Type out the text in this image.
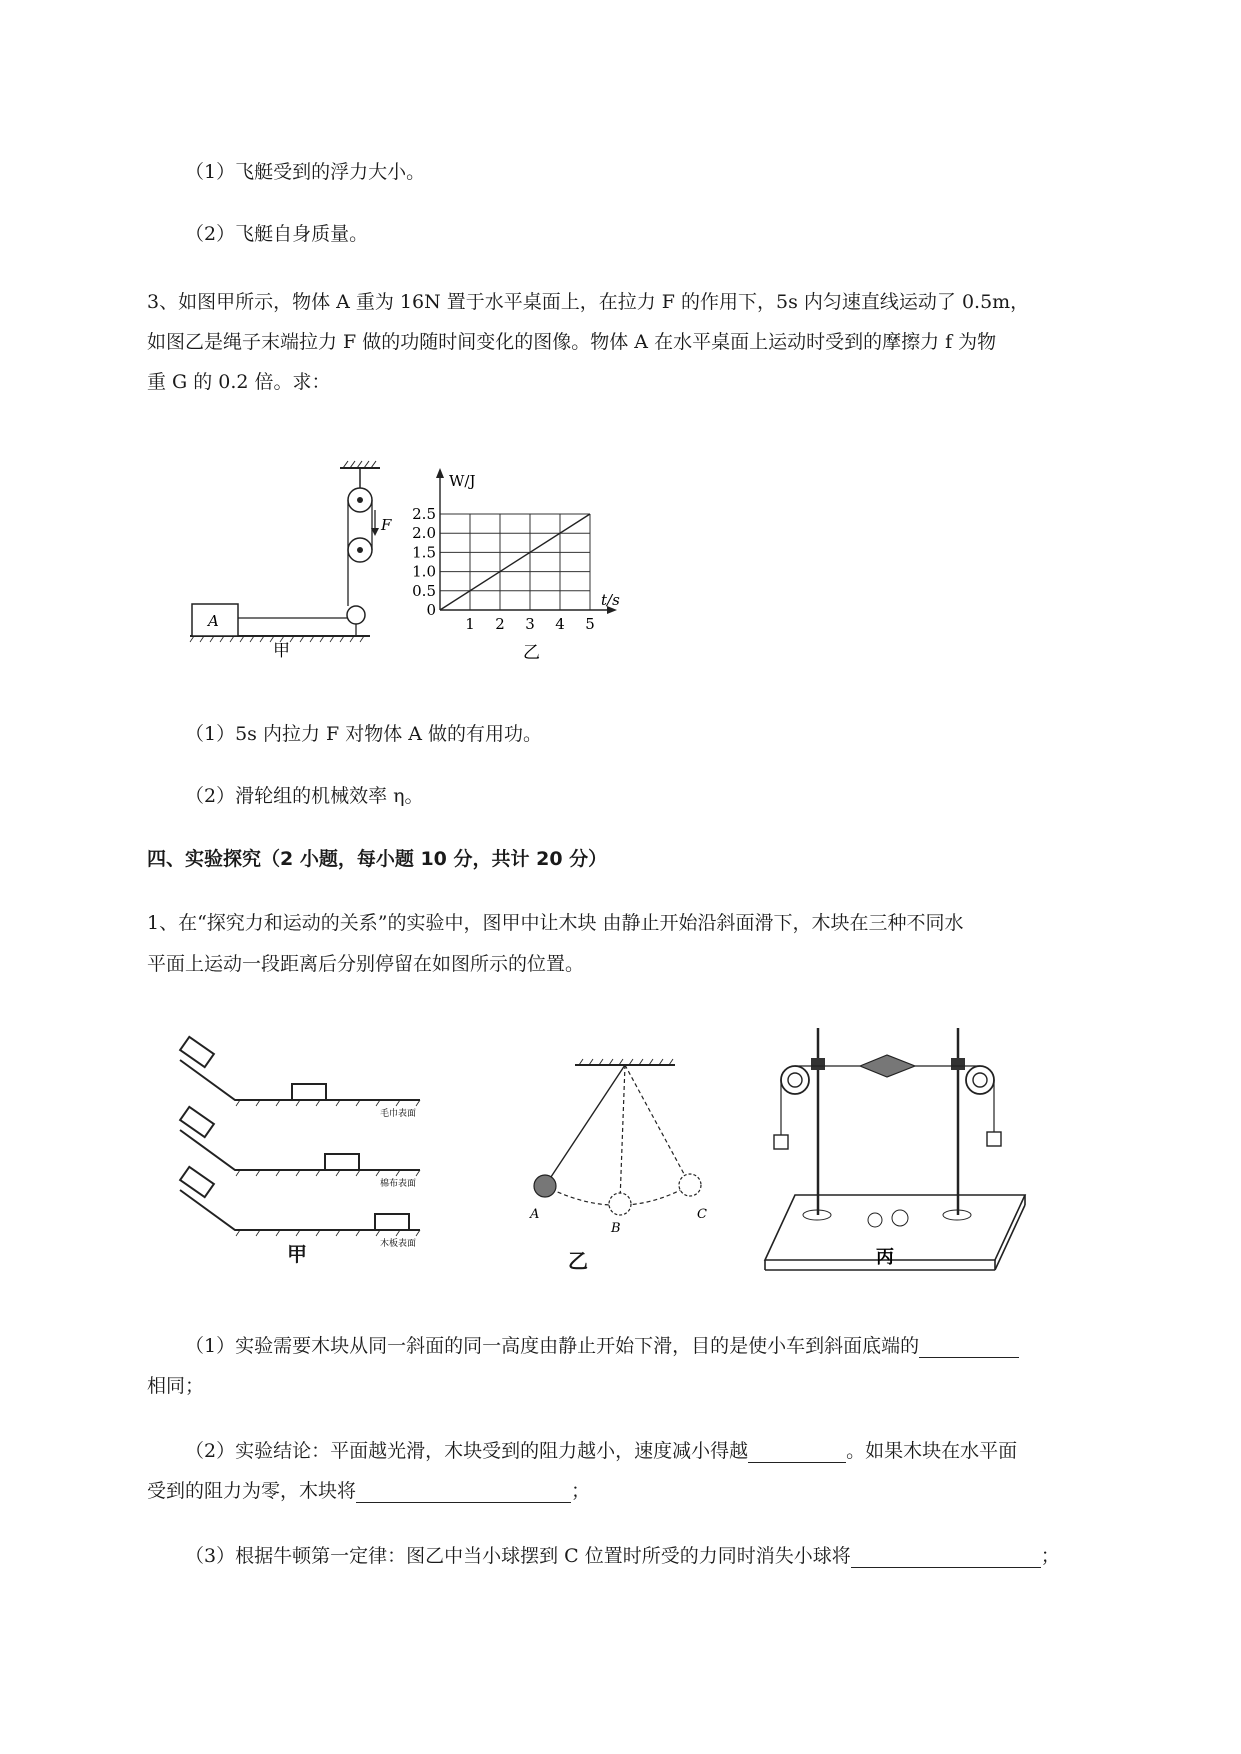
（1）飞艇受到的浮力大小。
（2）飞艇自身质量。
3、如图甲所示，物体 A 重为 16N 置于水平桌面上，在拉力 F 的作用下，5s 内匀速直线运动了 0.5m，
如图乙是绳子末端拉力 F 做的功随时间变化的图像。物体 A 在水平桌面上运动时受到的摩擦力 f 为物
重 G 的 0.2 倍。求：
F
A
甲
W/J
t/s
2.5
2.0
1.5
1.0
0.5
0
1 2 3 4 5
乙
（1）5s 内拉力 F 对物体 A 做的有用功。
（2）滑轮组的机械效率 η。
四、实验探究（2 小题，每小题 10 分，共计 20 分）
1、在“探究力和运动的关系”的实验中，图甲中让木块 由静止开始沿斜面滑下，木块在三种不同水
平面上运动一段距离后分别停留在如图所示的位置。
毛巾表面
棉布表面
木板表面
甲
A
B
C
乙	丙
（1）实验需要木块从同一斜面的同一高度由静止开始下滑，目的是使小车到斜面底端的
相同；
（2）实验结论：平面越光滑，木块受到的阻力越小，速度减小得越	。如果木块在水平面
受到的阻力为零，木块将	；
（3）根据牛顿第一定律：图乙中当小球摆到 C 位置时所受的力同时消失小球将	；
